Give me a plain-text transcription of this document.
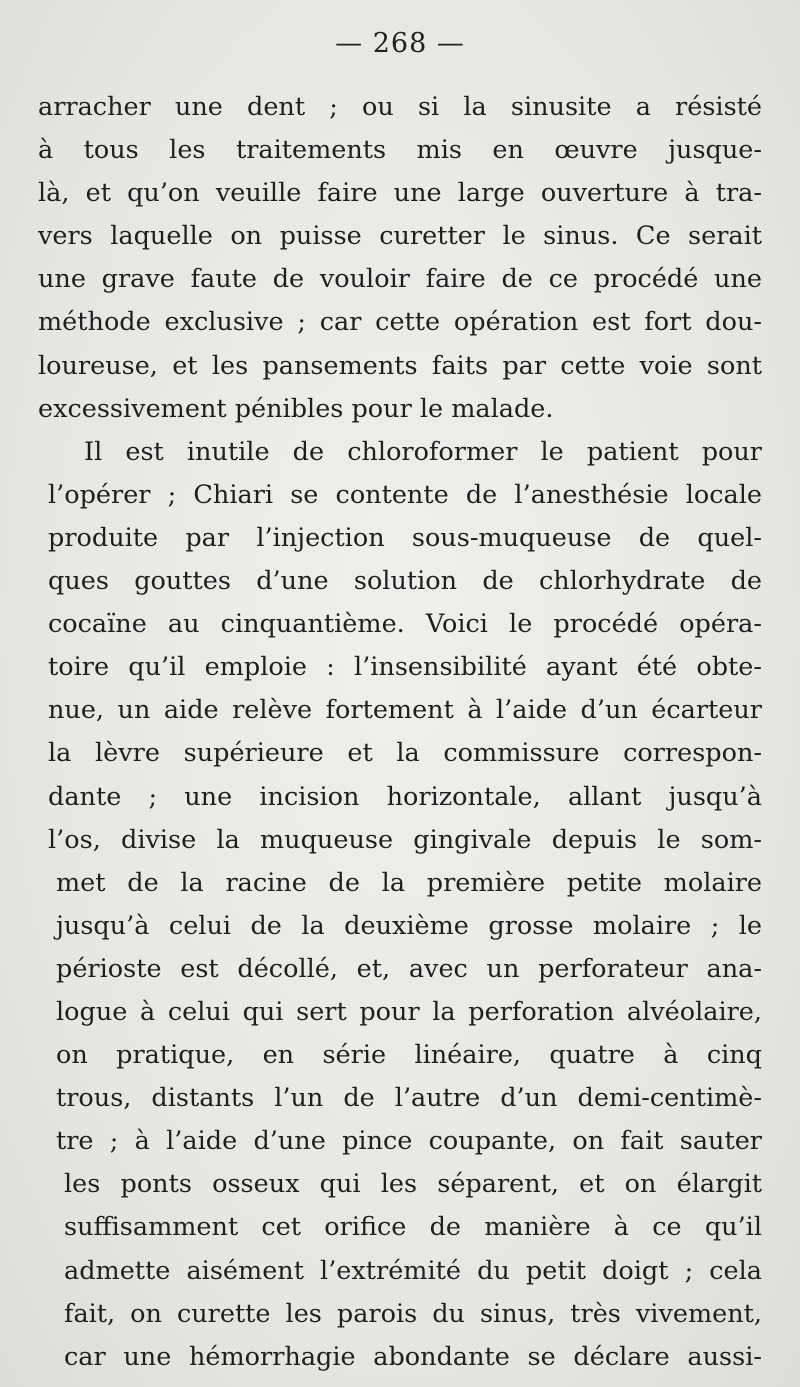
— 268 —
arracher une dent ; ou si la sinusite a résisté
à tous les traitements mis en œuvre jusque-
là, et qu’on veuille faire une large ouverture à tra-
vers laquelle on puisse curetter le sinus. Ce serait
une grave faute de vouloir faire de ce procédé une
méthode exclusive ; car cette opération est fort dou-
loureuse, et les pansements faits par cette voie sont
excessivement pénibles pour le malade.
Il est inutile de chloroformer le patient pour
l’opérer ; Chiari se contente de l’anesthésie locale
produite par l’injection sous-muqueuse de quel-
ques gouttes d’une solution de chlorhydrate de
cocaïne au cinquantième. Voici le procédé opéra-
toire qu’il emploie : l’insensibilité ayant été obte-
nue, un aide relève fortement à l’aide d’un écarteur
la lèvre supérieure et la commissure correspon-
dante ; une incision horizontale, allant jusqu’à
l’os, divise la muqueuse gingivale depuis le som-
met de la racine de la première petite molaire
jusqu’à celui de la deuxième grosse molaire ; le
périoste est décollé, et, avec un perforateur ana-
logue à celui qui sert pour la perforation alvéolaire,
on pratique, en série linéaire, quatre à cinq
trous, distants l’un de l’autre d’un demi-centimè-
tre ; à l’aide d’une pince coupante, on fait sauter
les ponts osseux qui les séparent, et on élargit
suffisamment cet orifice de manière à ce qu’il
admette aisément l’extrémité du petit doigt ; cela
fait, on curette les parois du sinus, très vivement,
car une hémorrhagie abondante se déclare aussi-
